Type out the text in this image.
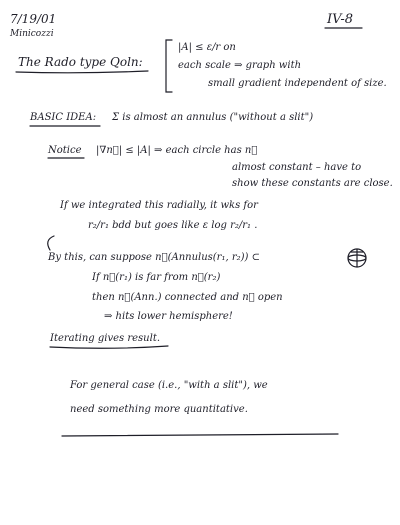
7/19/01
Minicozzi
IV-8
The Rado type Qoln:
|A| ≤ ε/r on
each scale ⇒ graph with
small gradient independent of size.
BASIC IDEA: Σ is almost an annulus ("without a slit")
Notice |∇n⃗| ≤ |A| ⇒ each circle has n⃗
almost constant – have to
show these constants are close.
If we integrated this radially, it wks for
r₂/r₁ bdd but goes like ε log r₂/r₁ .
By this, can suppose n⃗(Annulus(r₁, r₂)) ⊂
If n⃗(r₁) is far from n⃗(r₂)
then n⃗(Ann.) connected and n⃗ open
⇒ hits lower hemisphere!
Iterating gives result.
For general case (i.e., "with a slit"), we
need something more quantitative.
